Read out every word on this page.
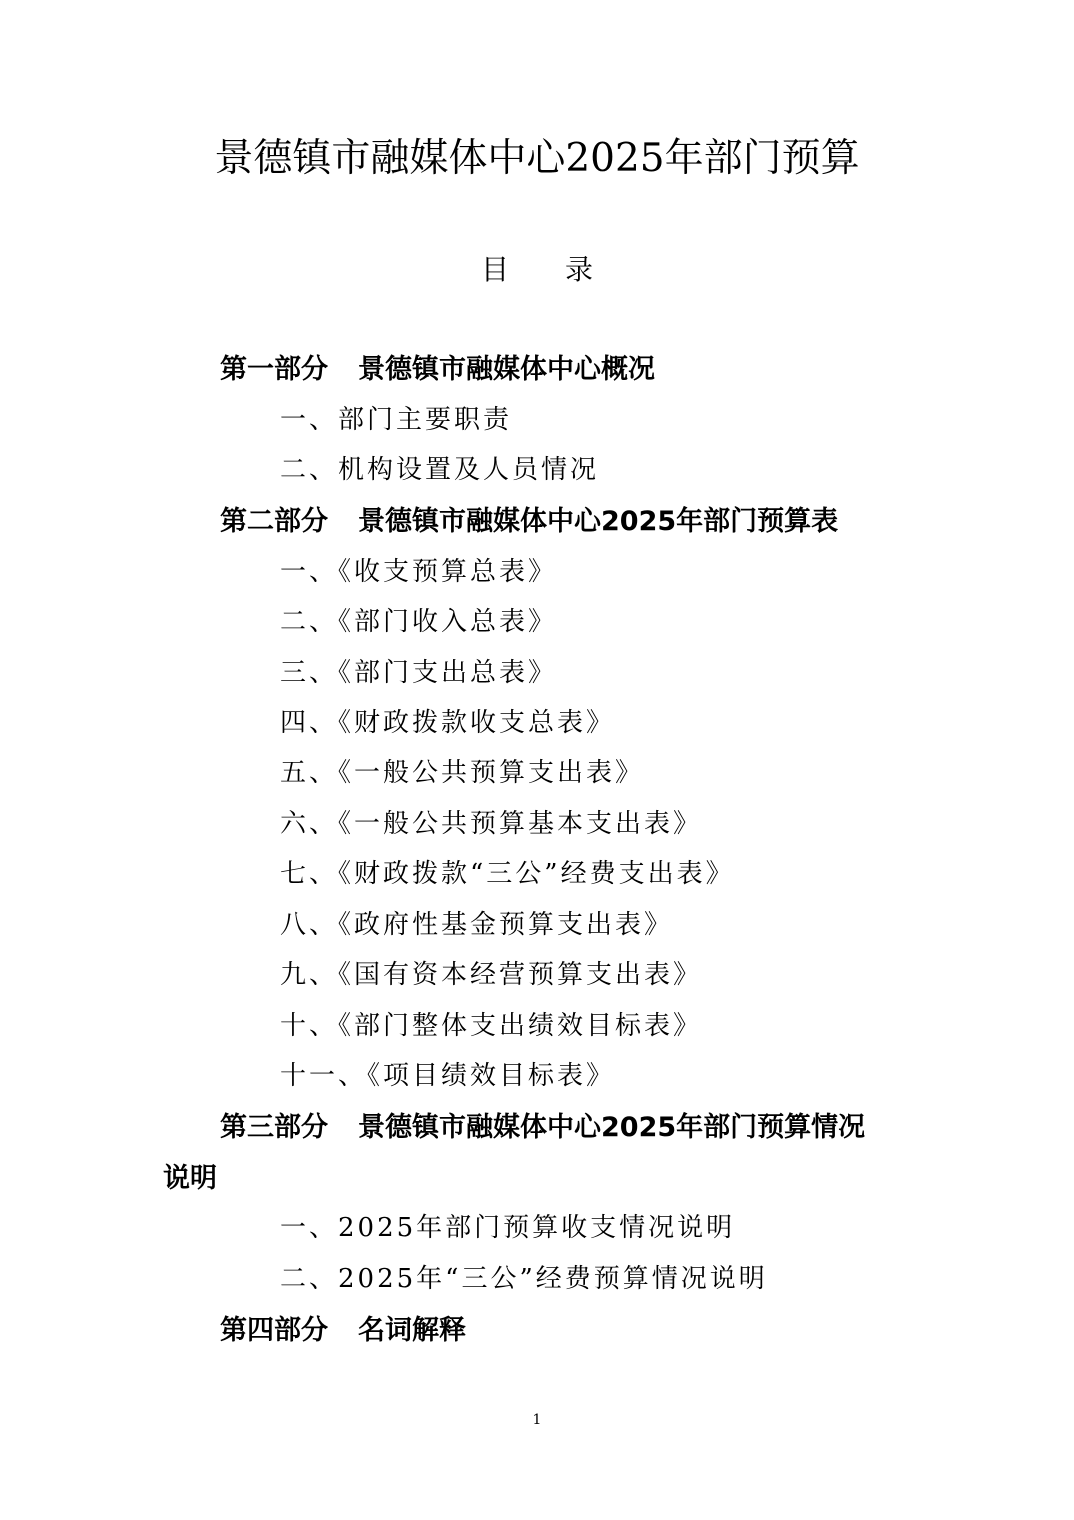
景德镇市融媒体中心2025年部门预算
目录
第一部分 景德镇市融媒体中心概况
一、部门主要职责
二、机构设置及人员情况
第二部分 景德镇市融媒体中心2025年部门预算表
一、《收支预算总表》
二、《部门收入总表》
三、《部门支出总表》
四、《财政拨款收支总表》
五、《一般公共预算支出表》
六、《一般公共预算基本支出表》
七、《财政拨款“三公”经费支出表》
八、《政府性基金预算支出表》
九、《国有资本经营预算支出表》
十、《部门整体支出绩效目标表》
十一、《项目绩效目标表》
第三部分 景德镇市融媒体中心2025年部门预算情况
说明
一、2025年部门预算收支情况说明
二、2025年“三公”经费预算情况说明
第四部分 名词解释
1
